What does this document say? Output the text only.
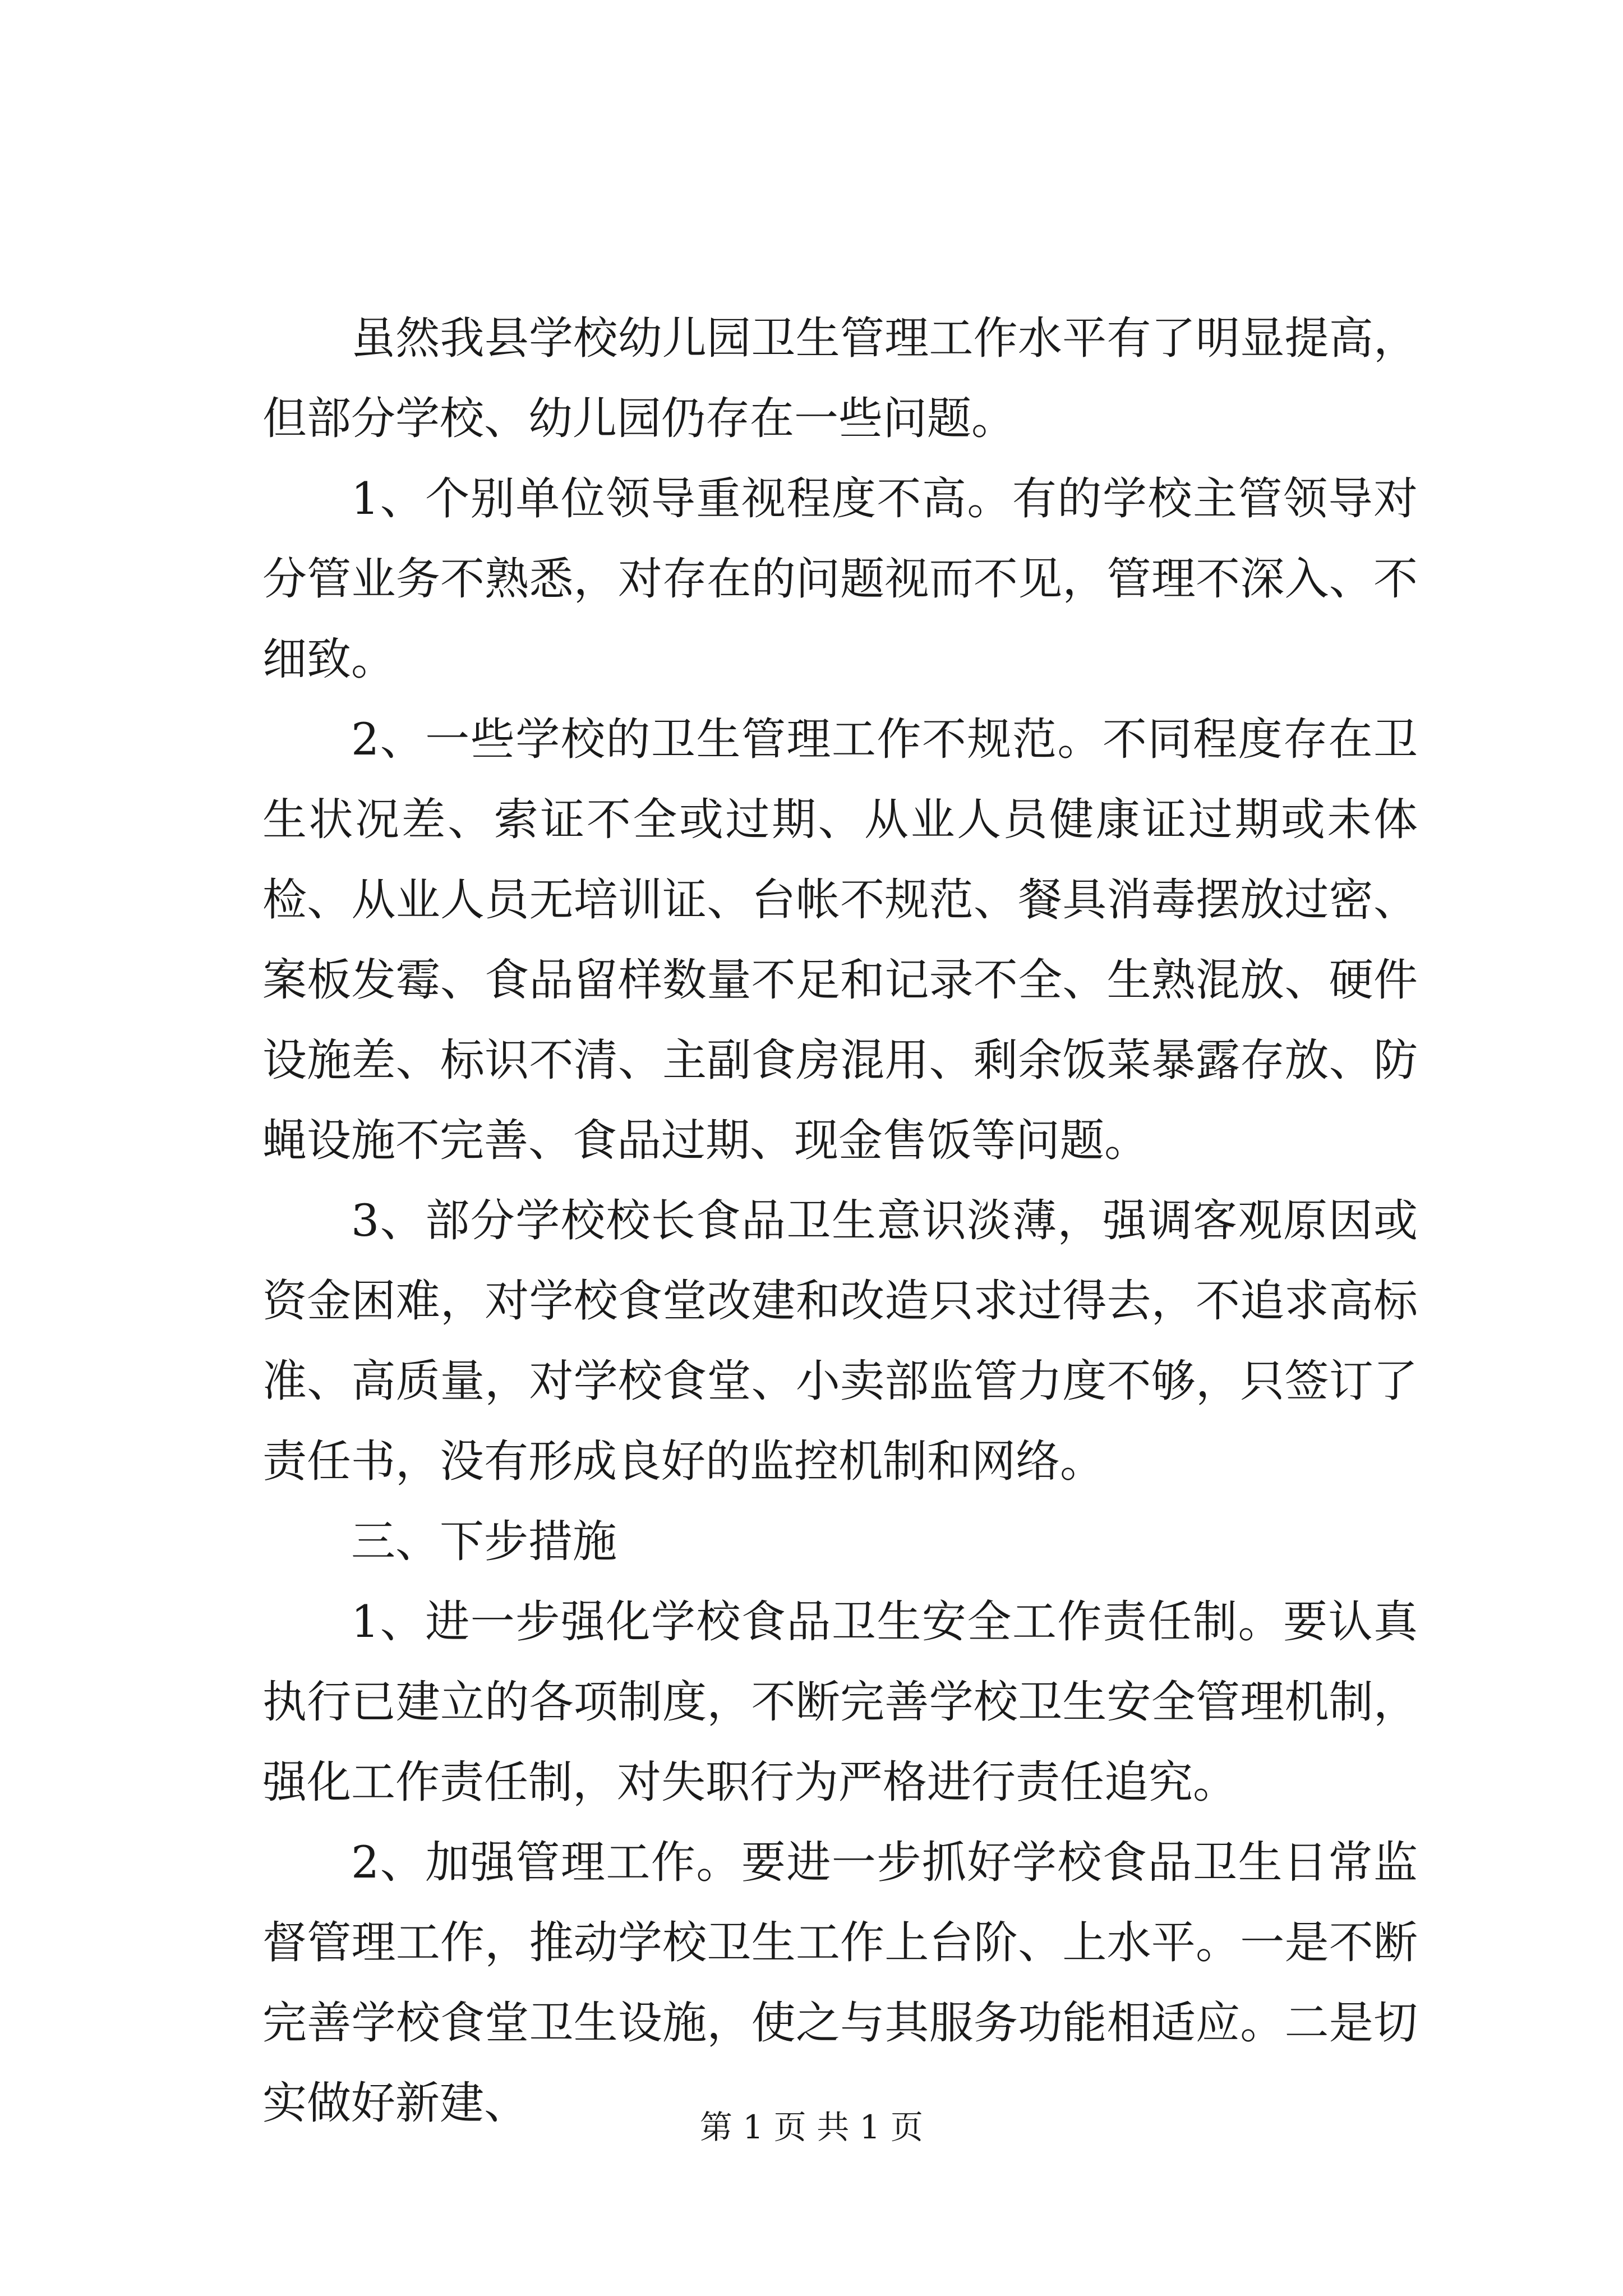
虽然我县学校幼儿园卫生管理工作水平有了明显提高，但部分学校、幼儿园仍存在一些问题。

1、个别单位领导重视程度不高。有的学校主管领导对分管业务不熟悉，对存在的问题视而不见，管理不深入、不细致。

2、一些学校的卫生管理工作不规范。不同程度存在卫生状况差、索证不全或过期、从业人员健康证过期或未体检、从业人员无培训证、台帐不规范、餐具消毒摆放过密、案板发霉、食品留样数量不足和记录不全、生熟混放、硬件设施差、标识不清、主副食房混用、剩余饭菜暴露存放、防蝇设施不完善、食品过期、现金售饭等问题。

3、部分学校校长食品卫生意识淡薄，强调客观原因或资金困难，对学校食堂改建和改造只求过得去，不追求高标准、高质量，对学校食堂、小卖部监管力度不够，只签订了责任书，没有形成良好的监控机制和网络。

三、下步措施

1、进一步强化学校食品卫生安全工作责任制。要认真执行已建立的各项制度，不断完善学校卫生安全管理机制，强化工作责任制，对失职行为严格进行责任追究。

2、加强管理工作。要进一步抓好学校食品卫生日常监督管理工作，推动学校卫生工作上台阶、上水平。一是不断完善学校食堂卫生设施，使之与其服务功能相适应。二是切实做好新建、	第 1 页 共 1 页
